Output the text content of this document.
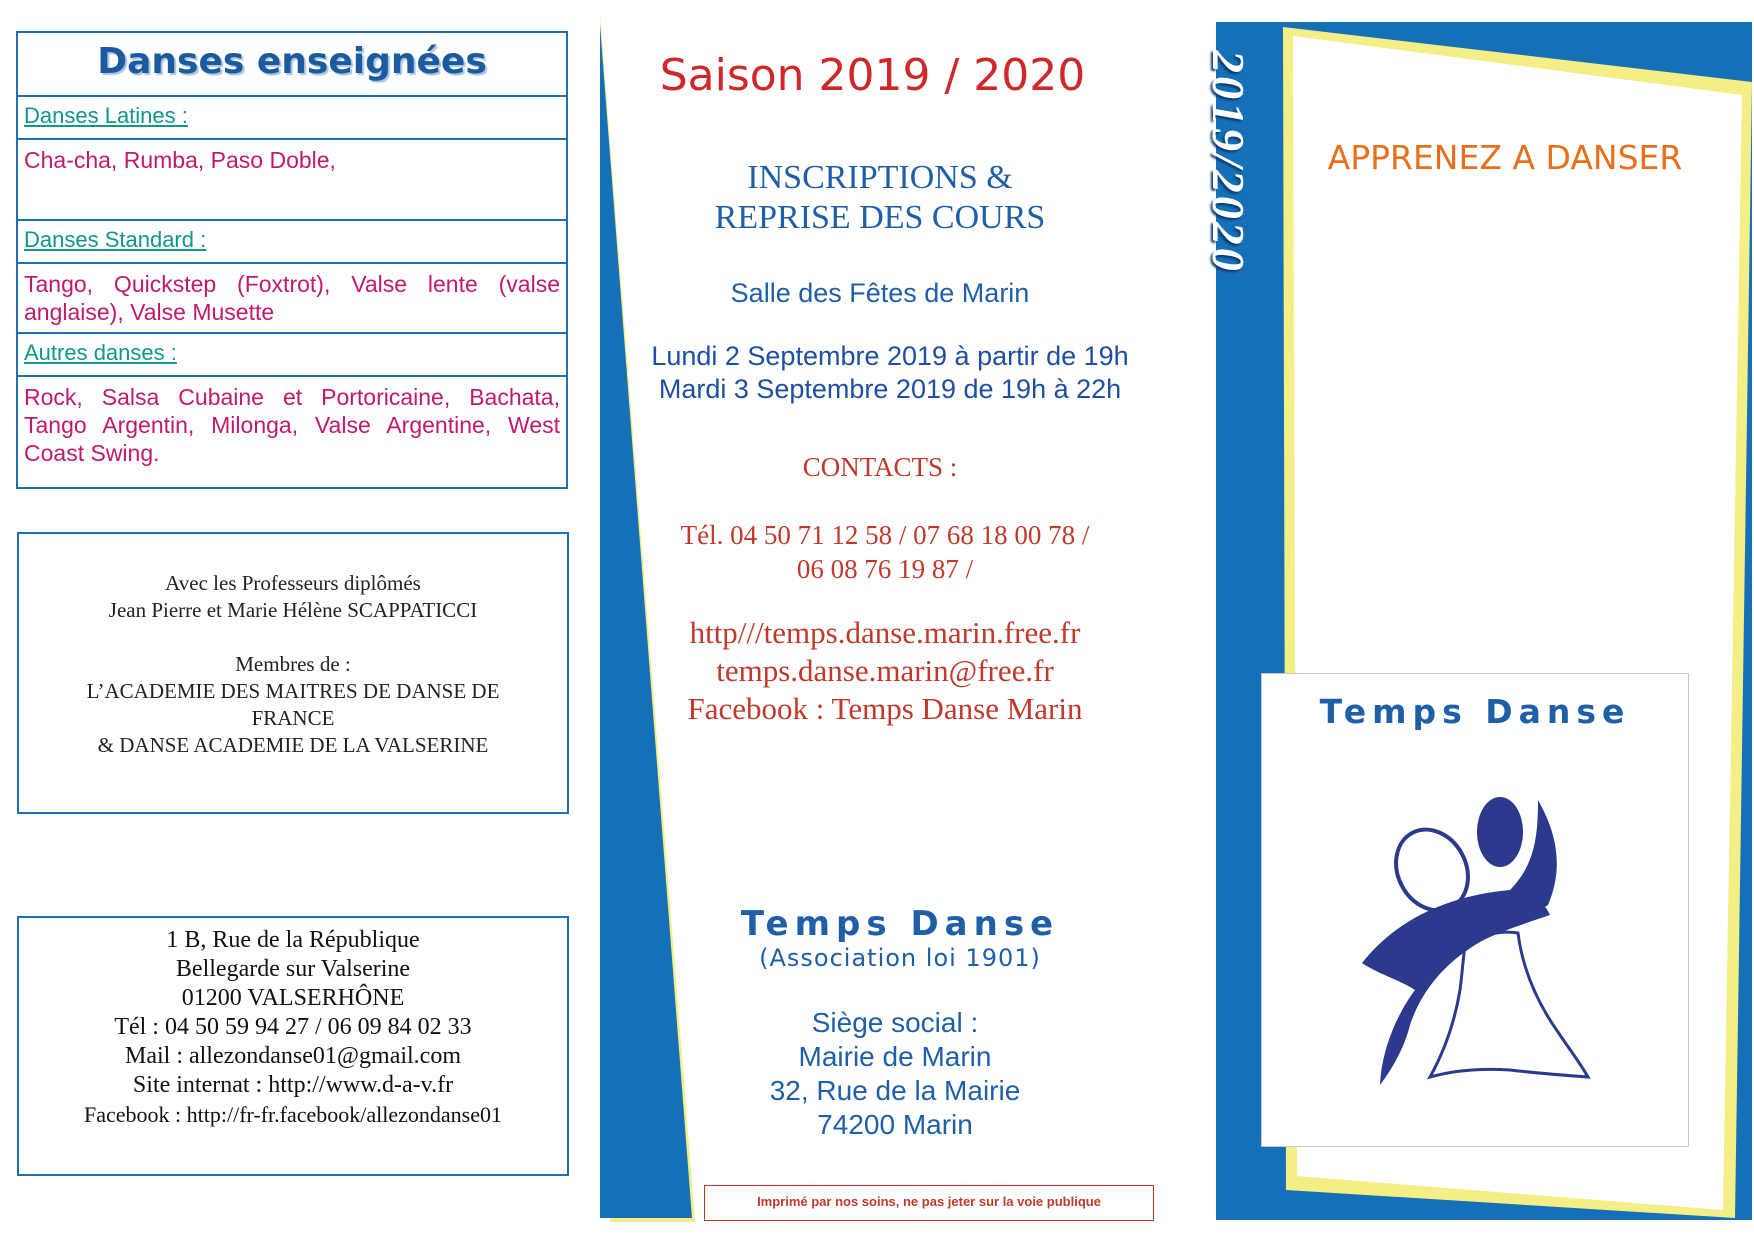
Danses enseignées
Danses Latines :
Cha-cha, Rumba, Paso Doble,
Danses Standard :
Tango, Quickstep (Foxtrot), Valse lente (valse anglaise), Valse Musette
Autres danses :
Rock, Salsa Cubaine et Portoricaine, Bachata, Tango Argentin, Milonga, Valse Argentine, West Coast Swing.
Avec les Professeurs diplômés
Jean Pierre et Marie Hélène SCAPPATICCI
Membres de :
L’ACADEMIE DES MAITRES DE DANSE DE FRANCE
& DANSE ACADEMIE DE LA VALSERINE
1 B, Rue de la République
Bellegarde sur Valserine
01200 VALSERHÔNE
Tél : 04 50 59 94 27 / 06 09 84 02 33
Mail : allezondanse01@gmail.com
Site internat : http://www.d-a-v.fr
Facebook : http://fr-fr.facebook/allezondanse01
Saison 2019 / 2020
INSCRIPTIONS &
REPRISE DES COURS
Salle des Fêtes de Marin
Lundi 2 Septembre 2019 à partir de 19h
Mardi 3 Septembre 2019 de 19h à 22h
CONTACTS :
Tél. 04 50 71 12 58 / 07 68 18 00 78 /
06 08 76 19 87 /
http///temps.danse.marin.free.fr
temps.danse.marin@free.fr
Facebook : Temps Danse Marin
Temps Danse
(Association loi 1901)
Siège social :
Mairie de Marin
32, Rue de la Mairie
74200 Marin
Imprimé par nos soins, ne pas jeter sur la voie publique
2019/2020 APPRENEZ A DANSER
Temps Danse
